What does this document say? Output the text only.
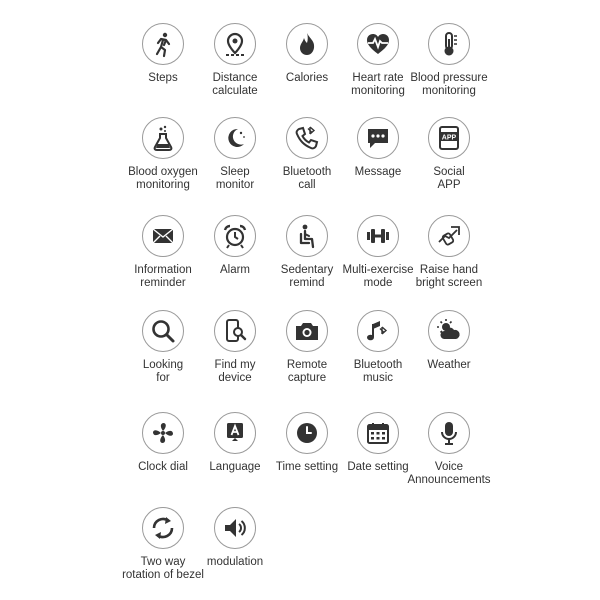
Steps	Distance
calculate
Calories Heart rate
monitoring
Blood pressure
monitoring
Blood oxygen
monitoring
Sleep
monitor
Bluetooth
call
Message
APP
Social
APP
Information
reminder
Alarm	Sedentary
remind
Multi-exercise
mode
Raise hand
bright screen
Looking
for
Find my
device
Remote
capture
Bluetooth
music
Weather
Clock dial Language Time setting Date setting	Voice
Announcements
Two way
rotation of bezel
modulation
